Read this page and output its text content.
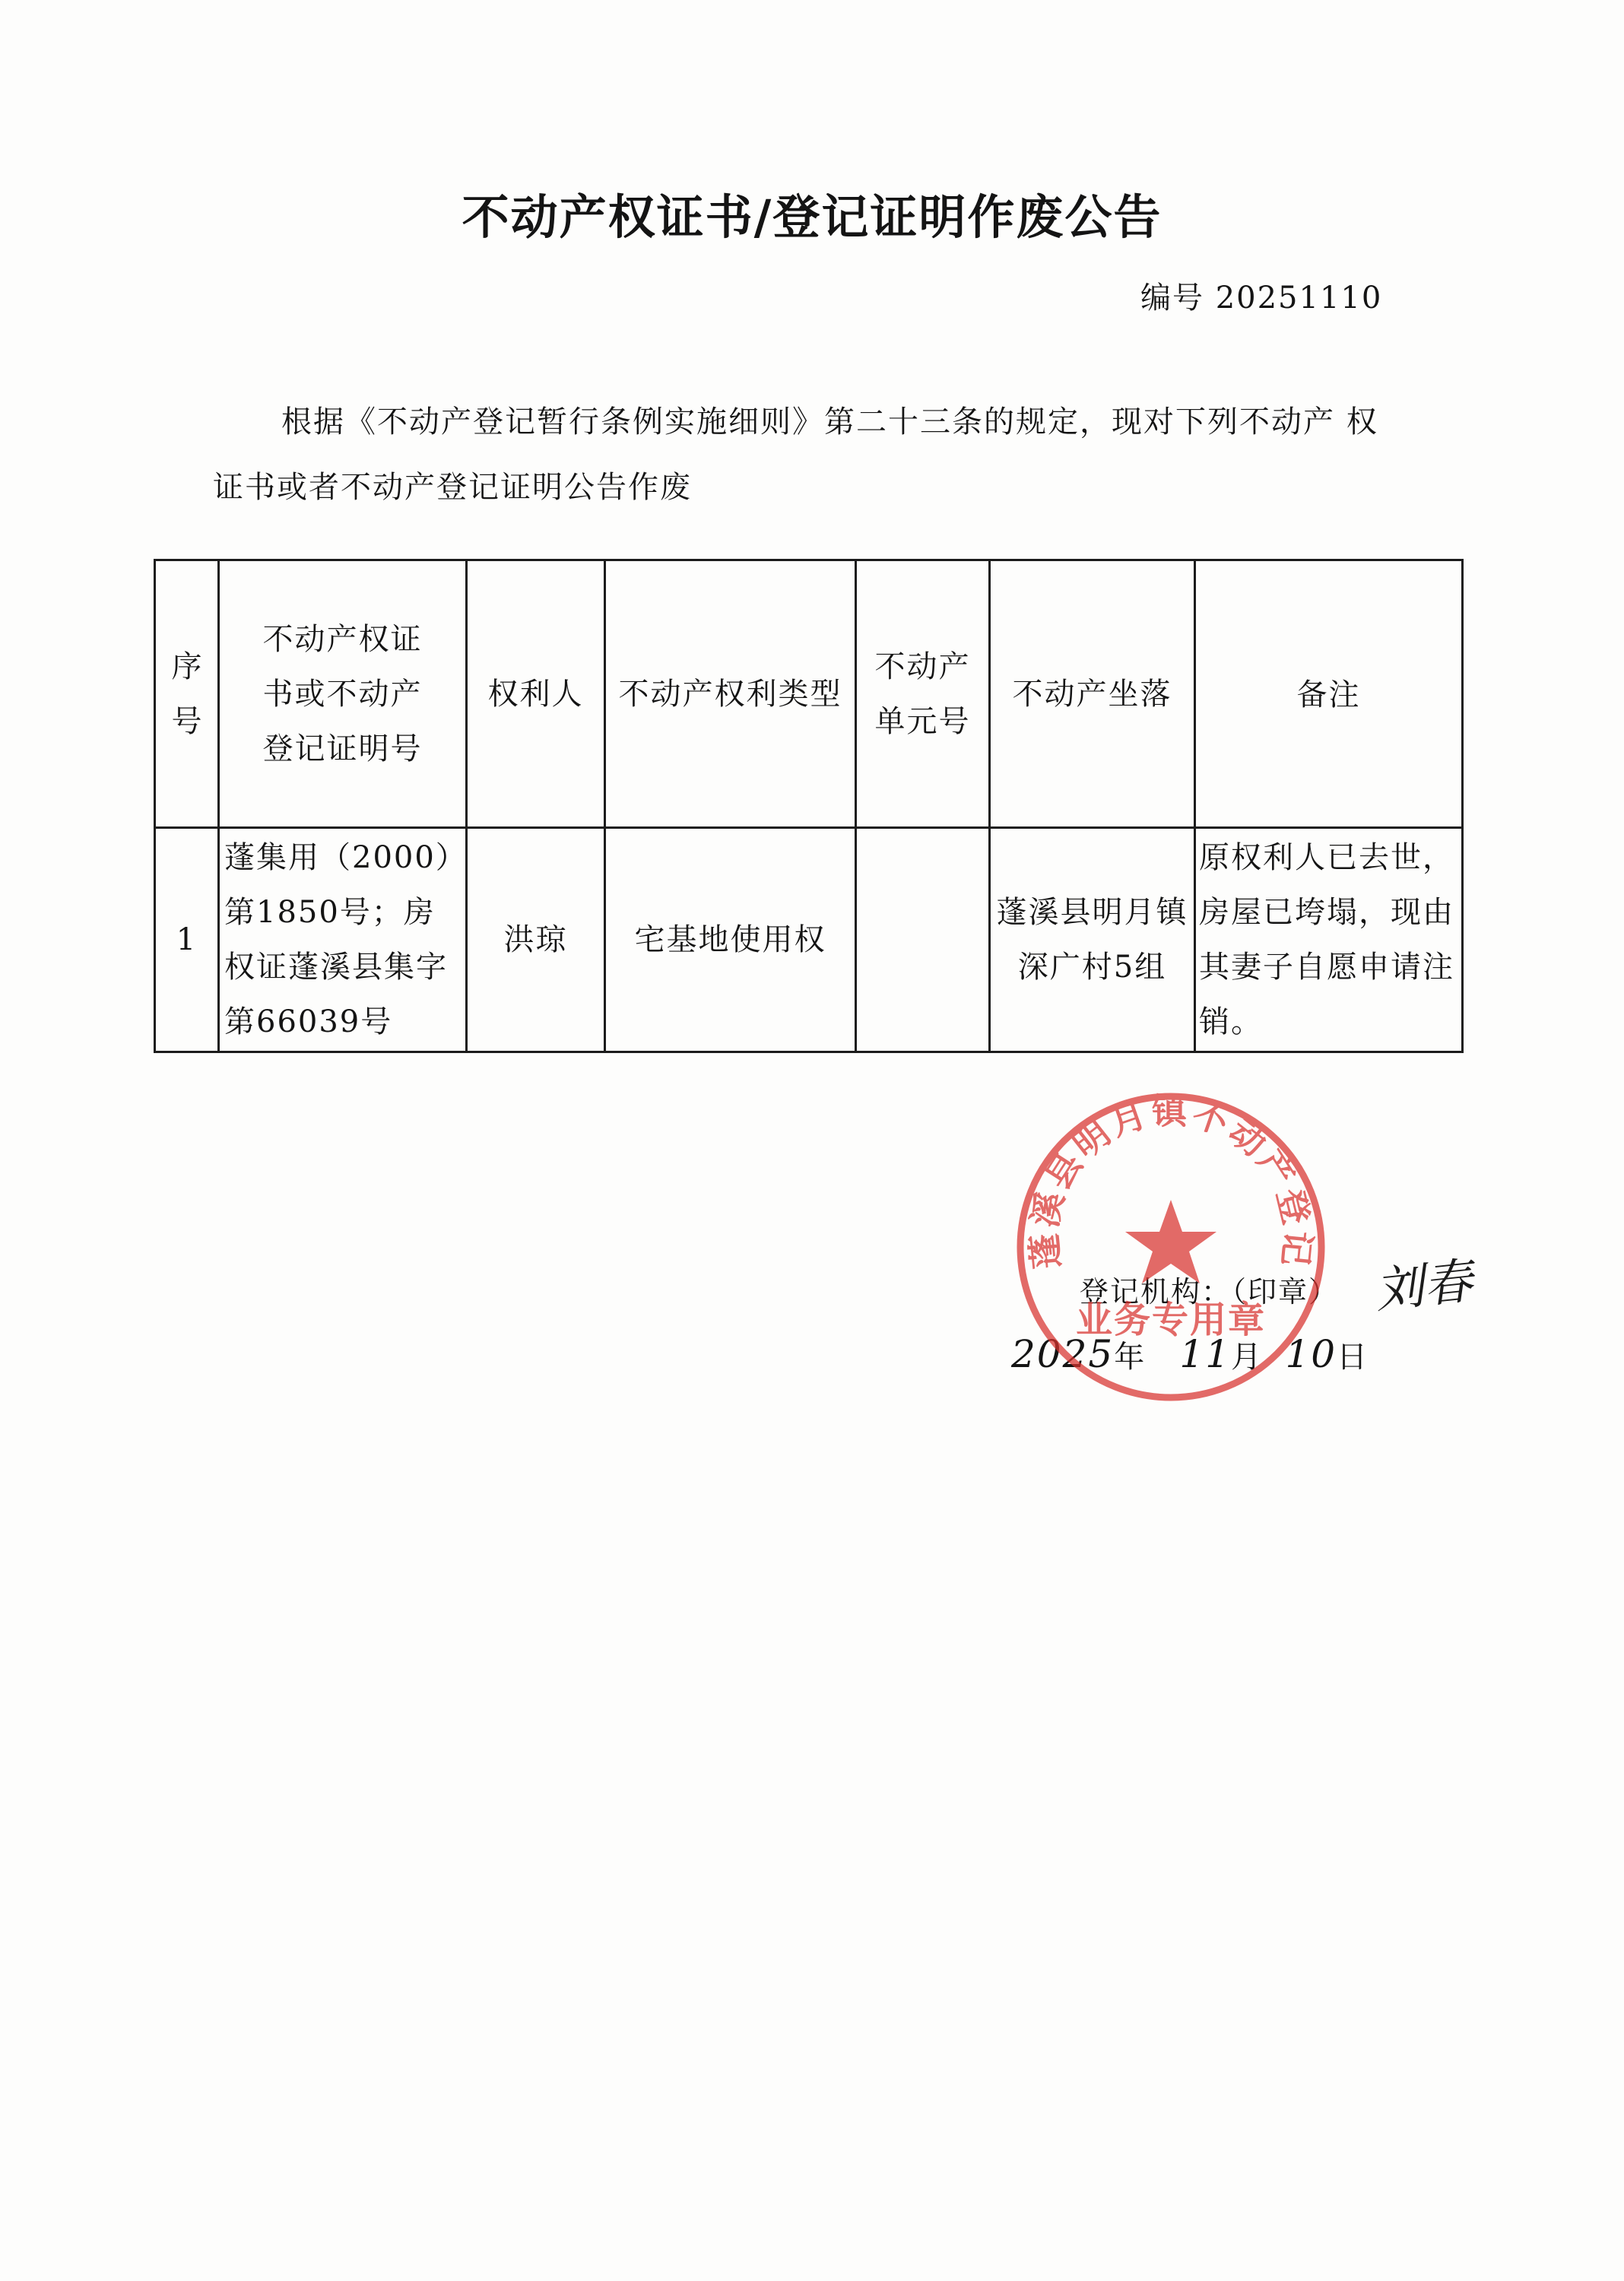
不动产权证书/登记证明作废公告
编号 20251110

根据《不动产登记暂行条例实施细则》第二十三条的规定，现对下列不动产 权
证书或者不动产登记证明公告作废

序号	不动产权证书或不动产登记证明号	权利人	不动产权利类型	不动产单元号	不动产坐落	备注
1	蓬集用（2000）第1850号；房权证蓬溪县集字第66039号	洪琼	宅基地使用权		蓬溪县明月镇深广村5组	原权利人已去世，房屋已垮塌，现由其妻子自愿申请注销。
蓬溪县明月镇不动产登记
业务专用章
登记机构：（印章） 刘春
2025年 11月 10日
